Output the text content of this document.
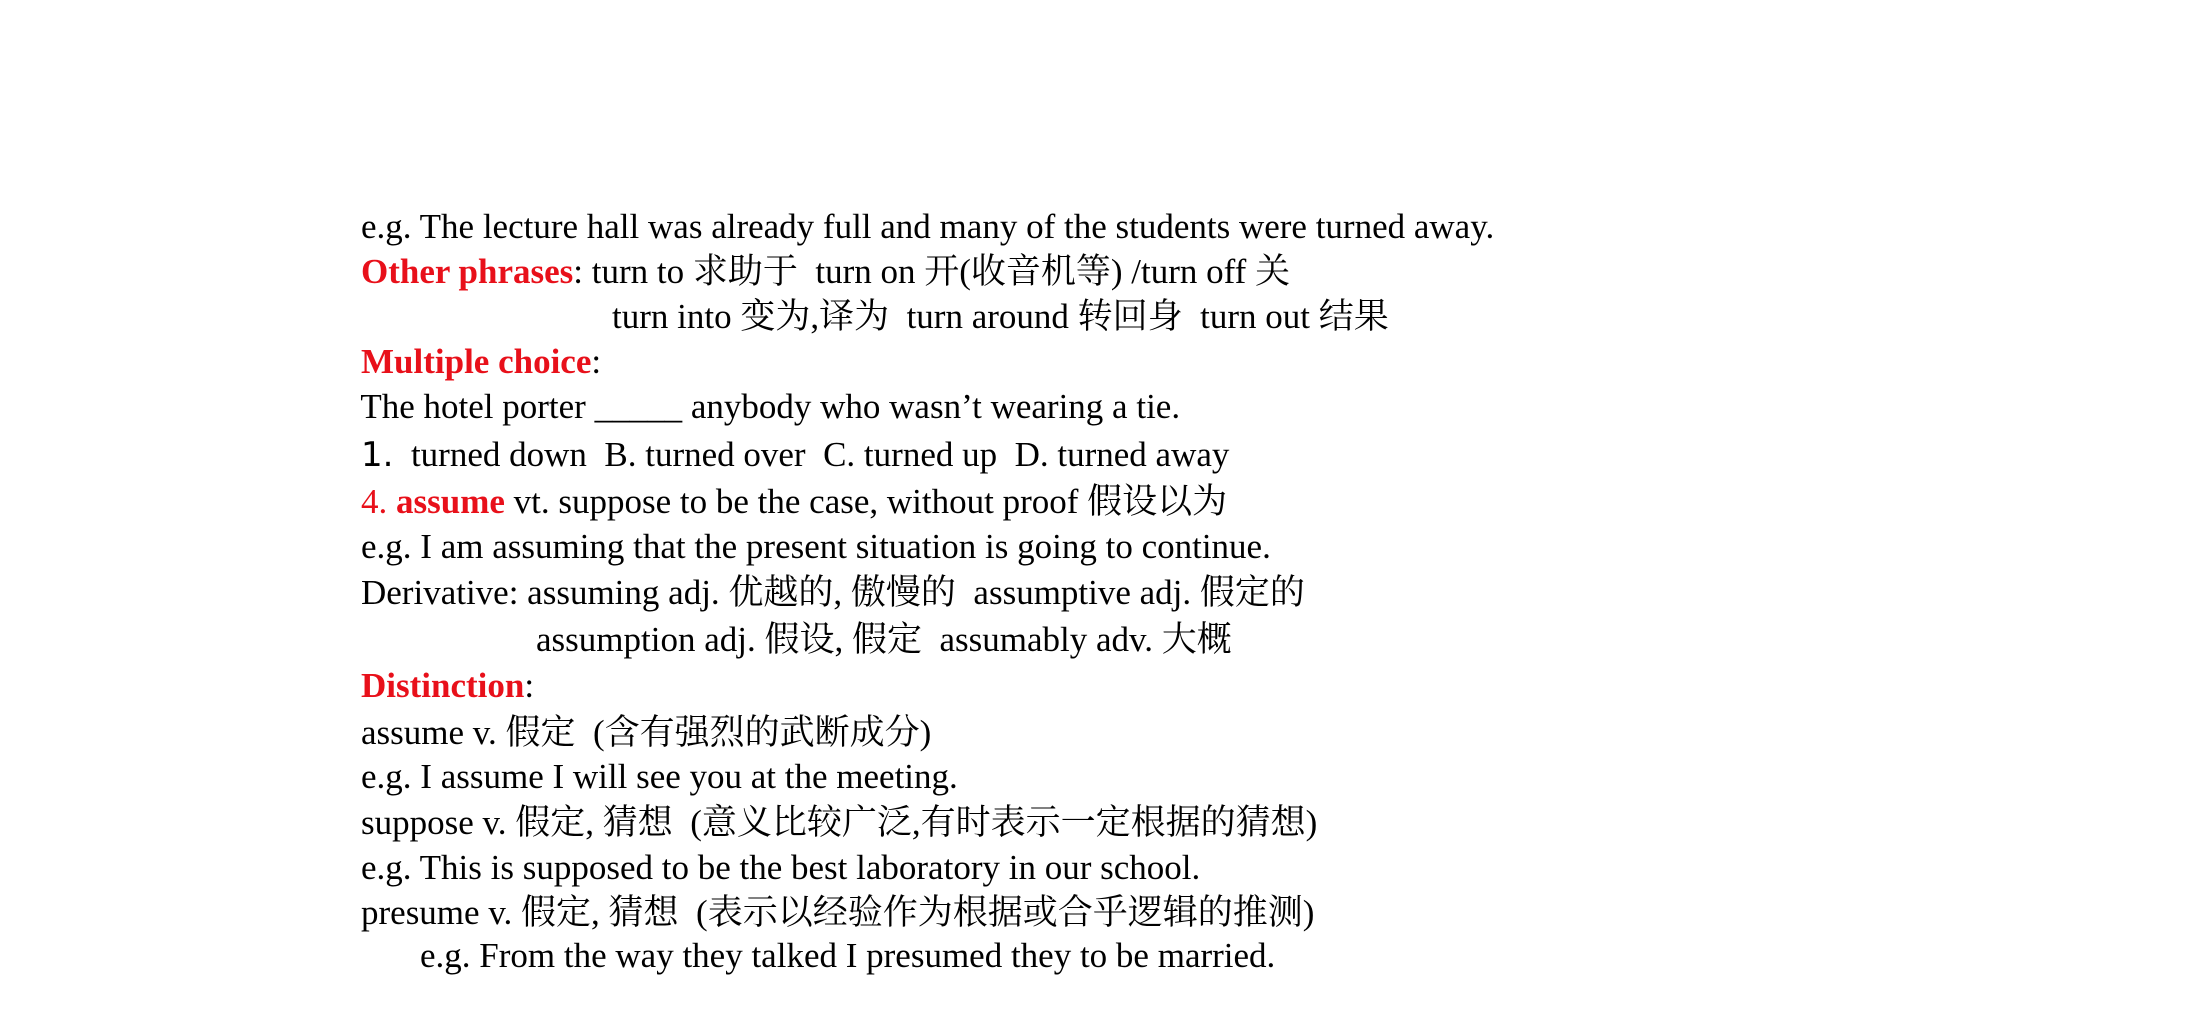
e.g. The lecture hall was already full and many of the students were turned away.

Other phrases: turn to 求助于  turn on 开(收音机等) /turn off 关

turn into 变为,译为  turn around 转回身  turn out 结果

Multiple choice:

The hotel porter _____ anybody who wasn’t wearing a tie.

1.  turned down  B. turned over  C. turned up  D. turned away

4. assume vt. suppose to be the case, without proof 假设以为

e.g. I am assuming that the present situation is going to continue.

Derivative: assuming adj. 优越的, 傲慢的  assumptive adj. 假定的

assumption adj. 假设, 假定  assumably adv. 大概

Distinction:

assume v. 假定  (含有强烈的武断成分)

e.g. I assume I will see you at the meeting.

suppose v. 假定, 猜想  (意义比较广泛,有时表示一定根据的猜想)

e.g. This is supposed to be the best laboratory in our school.

presume v. 假定, 猜想  (表示以经验作为根据或合乎逻辑的推测)

e.g. From the way they talked I presumed they to be married.
